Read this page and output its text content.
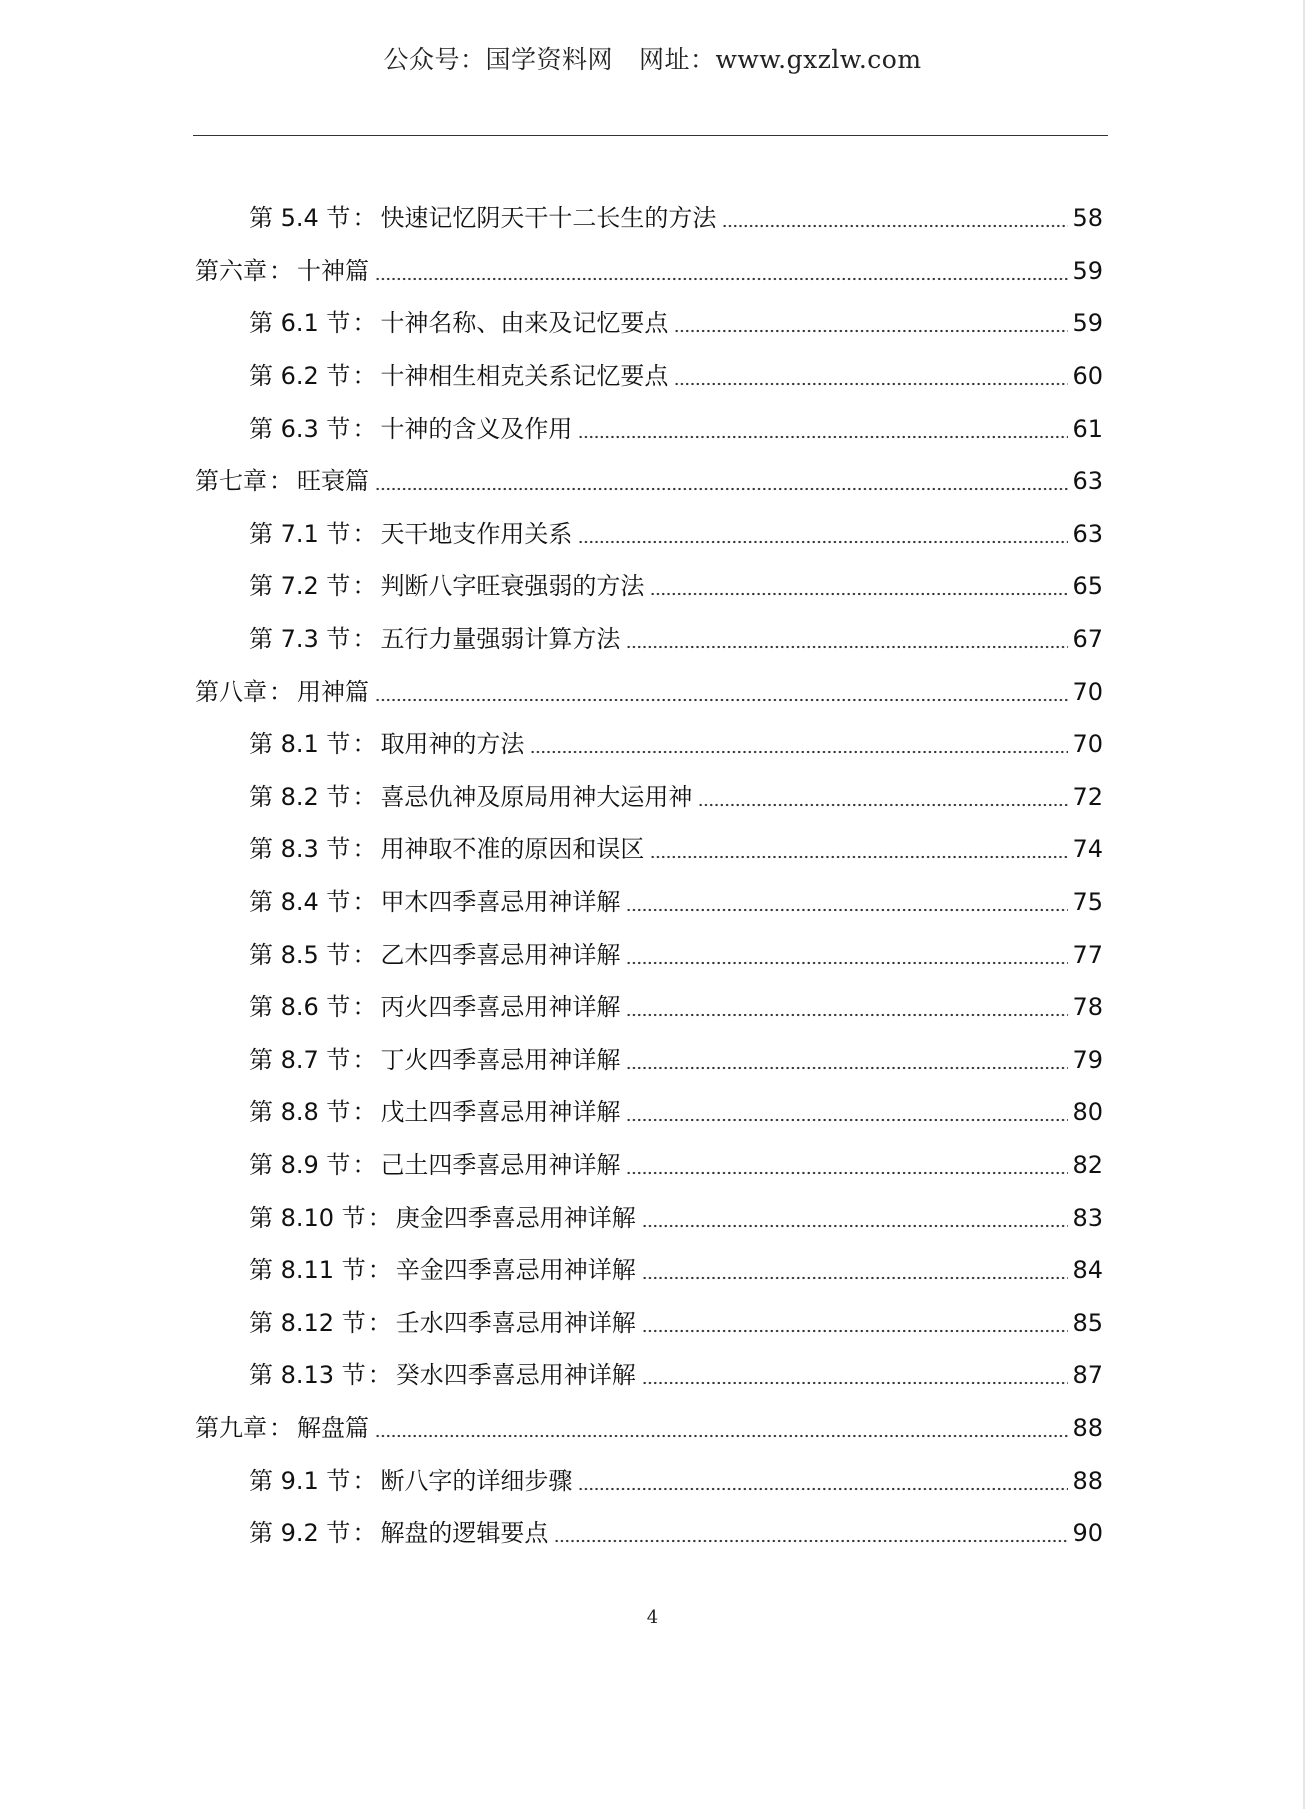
公众号：国学资料网 网址：www.gxzlw.com
第 5.4 节： 快速记忆阴天干十二长生的方法	58
第六章： 十神篇	59
第 6.1 节： 十神名称、由来及记忆要点	59
第 6.2 节： 十神相生相克关系记忆要点	60
第 6.3 节： 十神的含义及作用	61
第七章： 旺衰篇	63
第 7.1 节： 天干地支作用关系	63
第 7.2 节： 判断八字旺衰强弱的方法	65
第 7.3 节： 五行力量强弱计算方法	67
第八章： 用神篇	70
第 8.1 节： 取用神的方法	70
第 8.2 节： 喜忌仇神及原局用神大运用神	72
第 8.3 节： 用神取不准的原因和误区	74
第 8.4 节： 甲木四季喜忌用神详解	75
第 8.5 节： 乙木四季喜忌用神详解	77
第 8.6 节： 丙火四季喜忌用神详解	78
第 8.7 节： 丁火四季喜忌用神详解	79
第 8.8 节： 戊土四季喜忌用神详解	80
第 8.9 节： 己土四季喜忌用神详解	82
第 8.10 节： 庚金四季喜忌用神详解	83
第 8.11 节： 辛金四季喜忌用神详解	84
第 8.12 节： 壬水四季喜忌用神详解	85
第 8.13 节： 癸水四季喜忌用神详解	87
第九章： 解盘篇	88
第 9.1 节： 断八字的详细步骤	88
第 9.2 节： 解盘的逻辑要点	90
4
